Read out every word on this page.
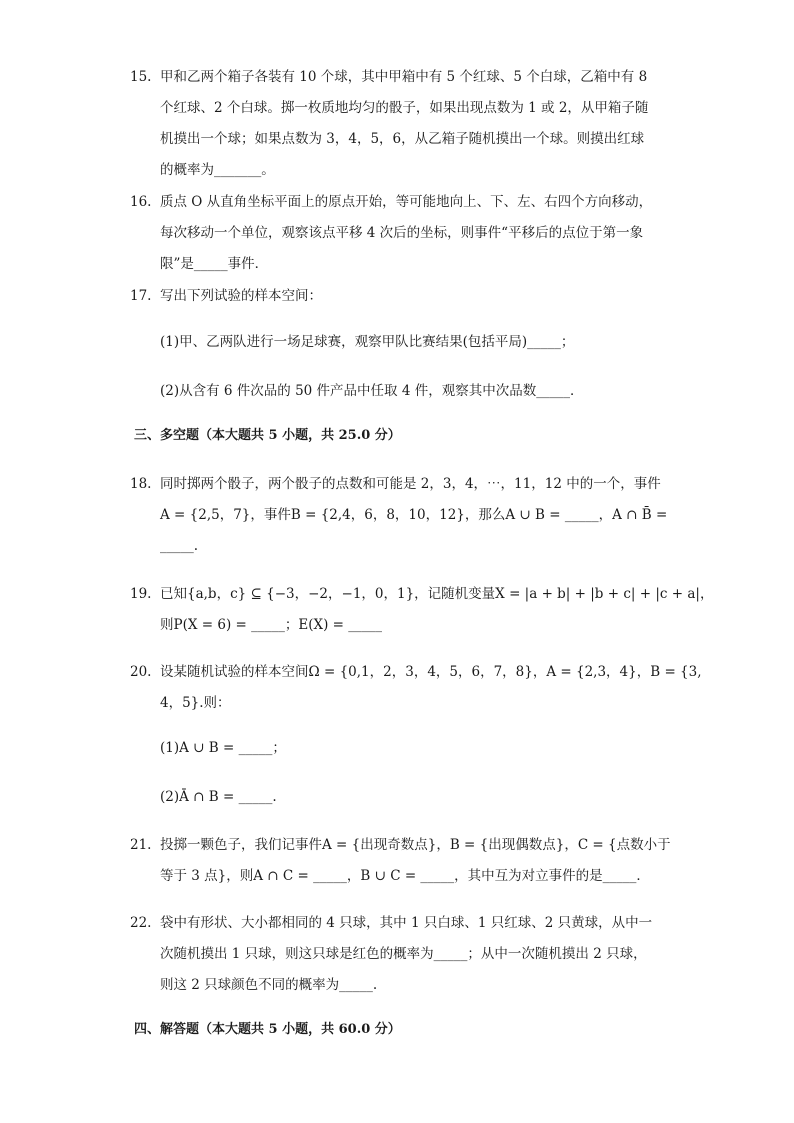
15. 甲和乙两个箱子各装有 10 个球，其中甲箱中有 5 个红球、5 个白球，乙箱中有 8
个红球、2 个白球。掷一枚质地均匀的骰子，如果出现点数为 1 或 2，从甲箱子随
机摸出一个球；如果点数为 3，4，5，6，从乙箱子随机摸出一个球。则摸出红球
的概率为_______。
16. 质点 O 从直角坐标平面上的原点开始，等可能地向上、下、左、右四个方向移动，
每次移动一个单位，观察该点平移 4 次后的坐标，则事件“平移后的点位于第一象
限”是_____事件．
17. 写出下列试验的样本空间：
(1)甲、乙两队进行一场足球赛，观察甲队比赛结果(包括平局)_____；
(2)从含有 6 件次品的 50 件产品中任取 4 件，观察其中次品数_____．
三、多空题（本大题共 5 小题，共 25.0 分）
18. 同时掷两个骰子，两个骰子的点数和可能是 2，3，4，⋯，11，12 中的一个，事件
A = {2,5，7}，事件B = {2,4，6，8，10，12}，那么A ∪ B = _____，A ∩ B̄ =
_____.
19. 已知{a,b，c} ⊆ {−3，−2，−1，0，1}，记随机变量X = |a + b| + |b + c| + |c + a|，
则P(X = 6) = _____；E(X) = _____
20. 设某随机试验的样本空间Ω = {0,1，2，3，4，5，6，7，8}，A = {2,3，4}，B = {3,
4，5}.则：
(1)A ∪ B = _____；
(2)Ā ∩ B = _____.
21. 投掷一颗色子，我们记事件A = {出现奇数点}，B = {出现偶数点}，C = {点数小于
等于 3 点}，则A ∩ C = _____，B ∪ C = _____，其中互为对立事件的是_____．
22. 袋中有形状、大小都相同的 4 只球，其中 1 只白球、1 只红球、2 只黄球，从中一
次随机摸出 1 只球，则这只球是红色的概率为_____；从中一次随机摸出 2 只球，
则这 2 只球颜色不同的概率为_____.
四、解答题（本大题共 5 小题，共 60.0 分）
